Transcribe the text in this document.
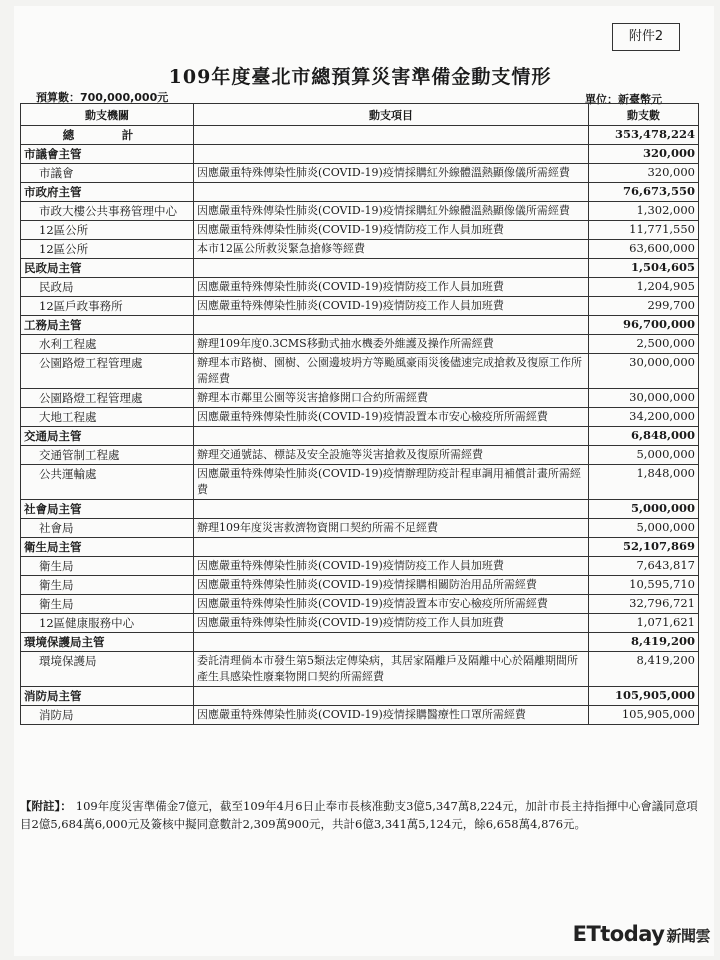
附件2
109年度臺北市總預算災害準備金動支情形
預算數：700,000,000元	單位：新臺幣元
動支機關	動支項目	動支數
總　計		353,478,224
市議會主管		320,000
市議會	因應嚴重特殊傳染性肺炎(COVID-19)疫情採購紅外線體溫熱顯像儀所需經費	320,000
市政府主管		76,673,550
市政大樓公共事務管理中心	因應嚴重特殊傳染性肺炎(COVID-19)疫情採購紅外線體溫熱顯像儀所需經費	1,302,000
12區公所	因應嚴重特殊傳染性肺炎(COVID-19)疫情防疫工作人員加班費	11,771,550
12區公所	本市12區公所救災緊急搶修等經費	63,600,000
民政局主管		1,504,605
民政局	因應嚴重特殊傳染性肺炎(COVID-19)疫情防疫工作人員加班費	1,204,905
12區戶政事務所	因應嚴重特殊傳染性肺炎(COVID-19)疫情防疫工作人員加班費	299,700
工務局主管		96,700,000
水利工程處	辦理109年度0.3CMS移動式抽水機委外維護及操作所需經費	2,500,000
公園路燈工程管理處	辦理本市路樹、園樹、公園邊坡坍方等颱風豪雨災後儘速完成搶救及復原工作所需經費	30,000,000
公園路燈工程管理處	辦理本市鄰里公園等災害搶修開口合約所需經費	30,000,000
大地工程處	因應嚴重特殊傳染性肺炎(COVID-19)疫情設置本市安心檢疫所所需經費	34,200,000
交通局主管		6,848,000
交通管制工程處	辦理交通號誌、標誌及安全設施等災害搶救及復原所需經費	5,000,000
公共運輸處	因應嚴重特殊傳染性肺炎(COVID-19)疫情辦理防疫計程車調用補償計畫所需經費	1,848,000
社會局主管		5,000,000
社會局	辦理109年度災害救濟物資開口契約所需不足經費	5,000,000
衛生局主管		52,107,869
衛生局	因應嚴重特殊傳染性肺炎(COVID-19)疫情防疫工作人員加班費	7,643,817
衛生局	因應嚴重特殊傳染性肺炎(COVID-19)疫情採購相關防治用品所需經費	10,595,710
衛生局	因應嚴重特殊傳染性肺炎(COVID-19)疫情設置本市安心檢疫所所需經費	32,796,721
12區健康服務中心	因應嚴重特殊傳染性肺炎(COVID-19)疫情防疫工作人員加班費	1,071,621
環境保護局主管		8,419,200
環境保護局	委託清理倘本市發生第5類法定傳染病，其居家隔離戶及隔離中心於隔離期間所產生具感染性廢棄物開口契約所需經費	8,419,200
消防局主管		105,905,000
消防局	因應嚴重特殊傳染性肺炎(COVID-19)疫情採購醫療性口罩所需經費	105,905,000
【附註】： 109年度災害準備金7億元，截至109年4月6日止奉市長核准動支3億5,347萬8,224元，加計市長主持指揮中心會議同意項目2億5,684萬6,000元及簽核中擬同意數計2,309萬900元，共計6億3,341萬5,124元，餘6,658萬4,876元。
ETtoday 新聞雲
